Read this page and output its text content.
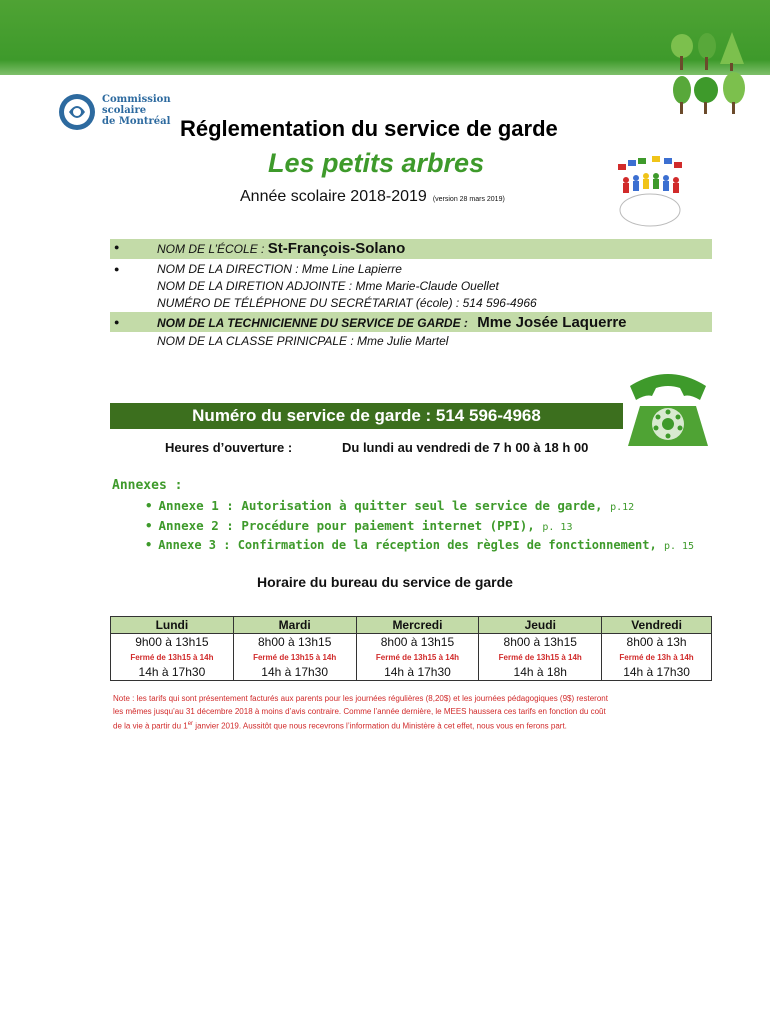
Commission
scolaire
de Montréal Réglementation du service de garde
Les petits arbres
Année scolaire 2018-2019 (version 28 mars 2019)
●	NOM DE L’ÉCOLE : St-François-Solano
●	NOM DE LA DIRECTION : Mme Line Lapierre
NOM DE LA DIRETION ADJOINTE : Mme Marie-Claude Ouellet
NUMÉRO DE TÉLÉPHONE DU SECRÉTARIAT (école) : 514 596-4966
●	NOM DE LA TECHNICIENNE DU SERVICE DE GARDE : Mme Josée Laquerre
NOM DE LA CLASSE PRINICPALE : Mme Julie Martel
Numéro du service de garde : 514 596-4968
Heures d’ouverture :	Du lundi au vendredi de 7 h 00 à 18 h 00
Annexes :
• Annexe 1 : Autorisation à quitter seul le service de garde, p.12
• Annexe 2 : Procédure pour paiement internet (PPI), p. 13
• Annexe 3 : Confirmation de la réception des règles de fonctionnement, p. 15
Horaire du bureau du service de garde
Lundi	Mardi	Mercredi	Jeudi	Vendredi
9h00 à 13h15	8h00 à 13h15	8h00 à 13h15	8h00 à 13h15	8h00 à 13h
Fermé de 13h15 à 14h	Fermé de 13h15 à 14h	Fermé de 13h15 à 14h	Fermé de 13h15 à 14h	Fermé de 13h à 14h
14h à 17h30	14h à 17h30	14h à 17h30	14h à 18h	14h à 17h30
Note : les tarifs qui sont présentement facturés aux parents pour les journées régulières (8,20$) et les journées pédagogiques (9$) resteront
les mêmes jusqu’au 31 décembre 2018 à moins d’avis contraire. Comme l’année dernière, le MEES haussera ces tarifs en fonction du coût
de la vie à partir du 1er janvier 2019. Aussitôt que nous recevrons l’information du Ministère à cet effet, nous vous en ferons part.
